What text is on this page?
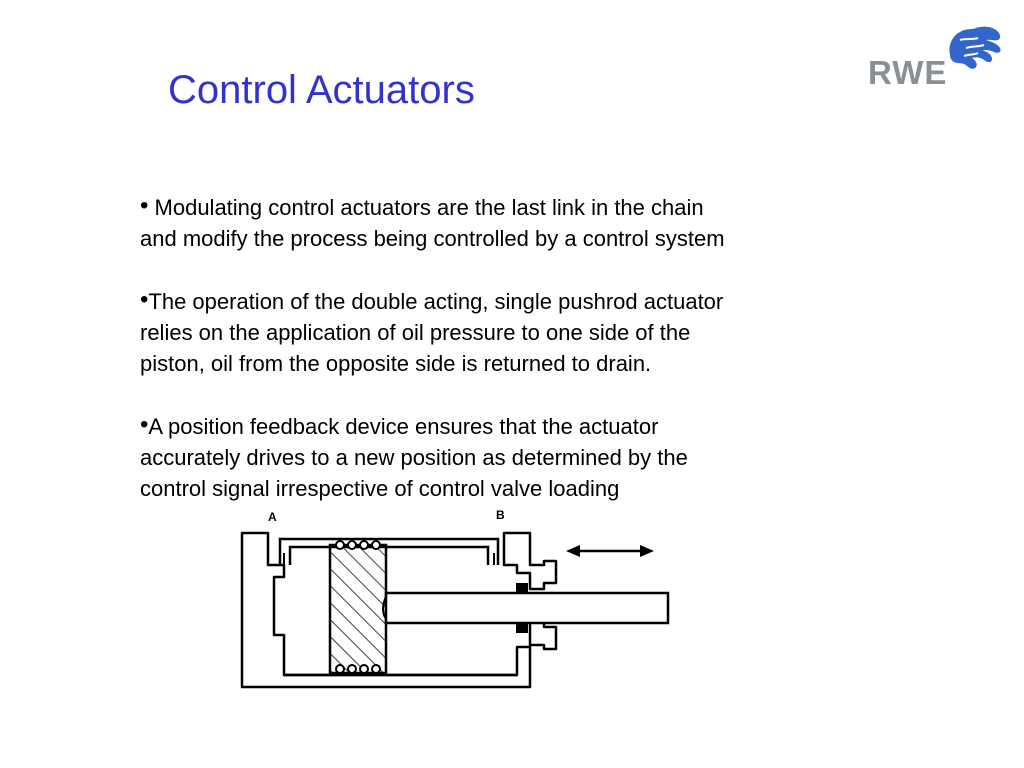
Control Actuators	RWE

• Modulating control actuators are the last link in the chain
and modify the process being controlled by a control system

•The operation of the double acting, single pushrod actuator
relies on the application of oil pressure to one side of the
piston, oil from the opposite side is returned to drain.

•A position feedback device ensures that the actuator
accurately drives to a new position as determined by the
control signal irrespective of control valve loading

A	B
